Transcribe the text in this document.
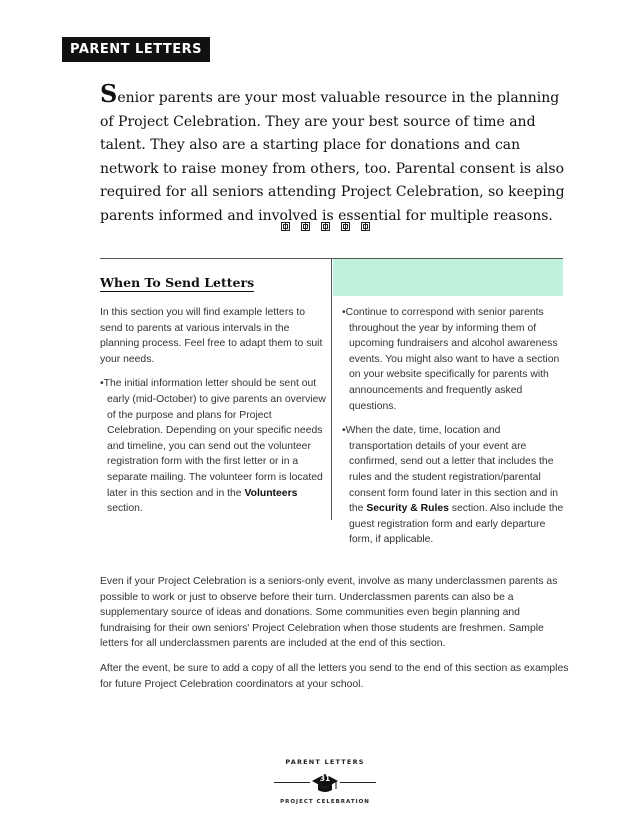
PARENT LETTERS
Senior parents are your most valuable resource in the planning of Project Celebration. They are your best source of time and talent. They also are a starting place for donations and can network to raise money from others, too. Parental consent is also required for all seniors attending Project Celebration, so keeping parents informed and involved is essential for multiple reasons.
When To Send Letters

In this section you will find example letters to send to parents at various intervals in the planning process. Feel free to adapt them to suit your needs.

•The initial information letter should be sent out early (mid-October) to give parents an overview of the purpose and plans for Project Celebration. Depending on your specific needs and timeline, you can send out the volunteer registration form with the first letter or in a separate mailing. The volunteer form is located later in this section and in the Volunteers section.

•Continue to correspond with senior parents throughout the year by informing them of upcoming fundraisers and alcohol awareness events. You might also want to have a section on your website specifically for parents with announcements and frequently asked questions.

•When the date, time, location and transportation details of your event are confirmed, send out a letter that includes the rules and the student registration/parental consent form found later in this section and in the Security & Rules section. Also include the guest registration form and early departure form, if applicable.

Even if your Project Celebration is a seniors-only event, involve as many underclassmen parents as possible to work or just to observe before their turn. Underclassmen parents can also be a supplementary source of ideas and donations. Some communities even begin planning and fundraising for their own seniors' Project Celebration when those students are freshmen. Sample letters for all underclassmen parents are included at the end of this section.

After the event, be sure to add a copy of all the letters you send to the end of this section as examples for future Project Celebration coordinators at your school.

PARENT LETTERS
31
PROJECT CELEBRATION
